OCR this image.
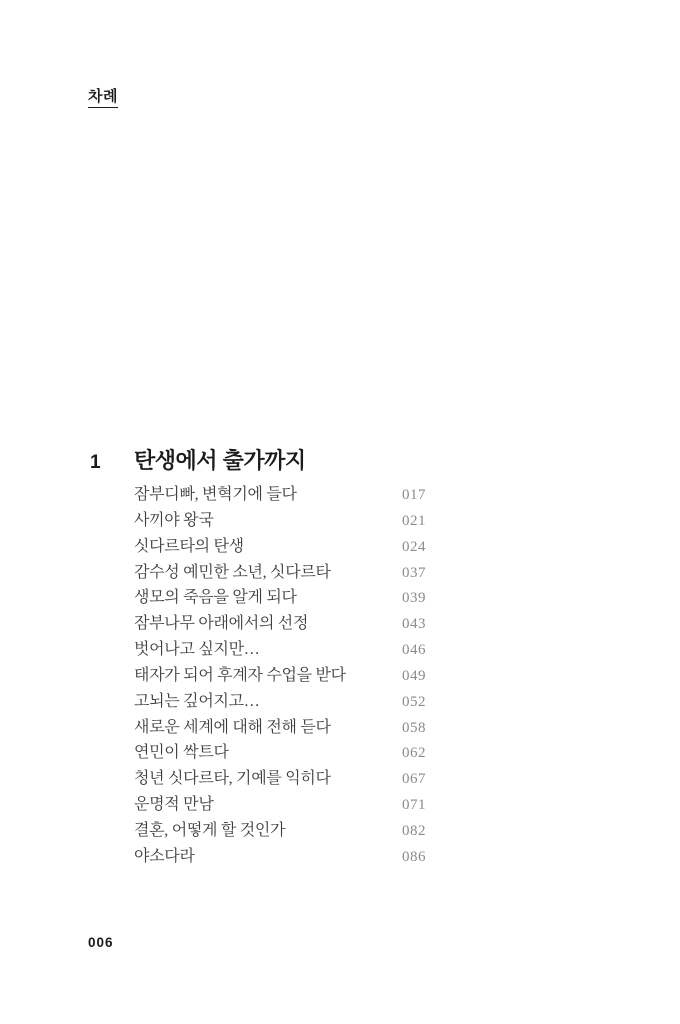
차례
1	탄생에서 출가까지
잠부디빠, 변혁기에 들다	017
사끼야 왕국	021
싯다르타의 탄생	024
감수성 예민한 소년, 싯다르타	037
생모의 죽음을 알게 되다	039
잠부나무 아래에서의 선정	043
벗어나고 싶지만…	046
태자가 되어 후계자 수업을 받다	049
고뇌는 깊어지고…	052
새로운 세계에 대해 전해 듣다	058
연민이 싹트다	062
청년 싯다르타, 기예를 익히다	067
운명적 만남	071
결혼, 어떻게 할 것인가	082
야소다라	086
006
